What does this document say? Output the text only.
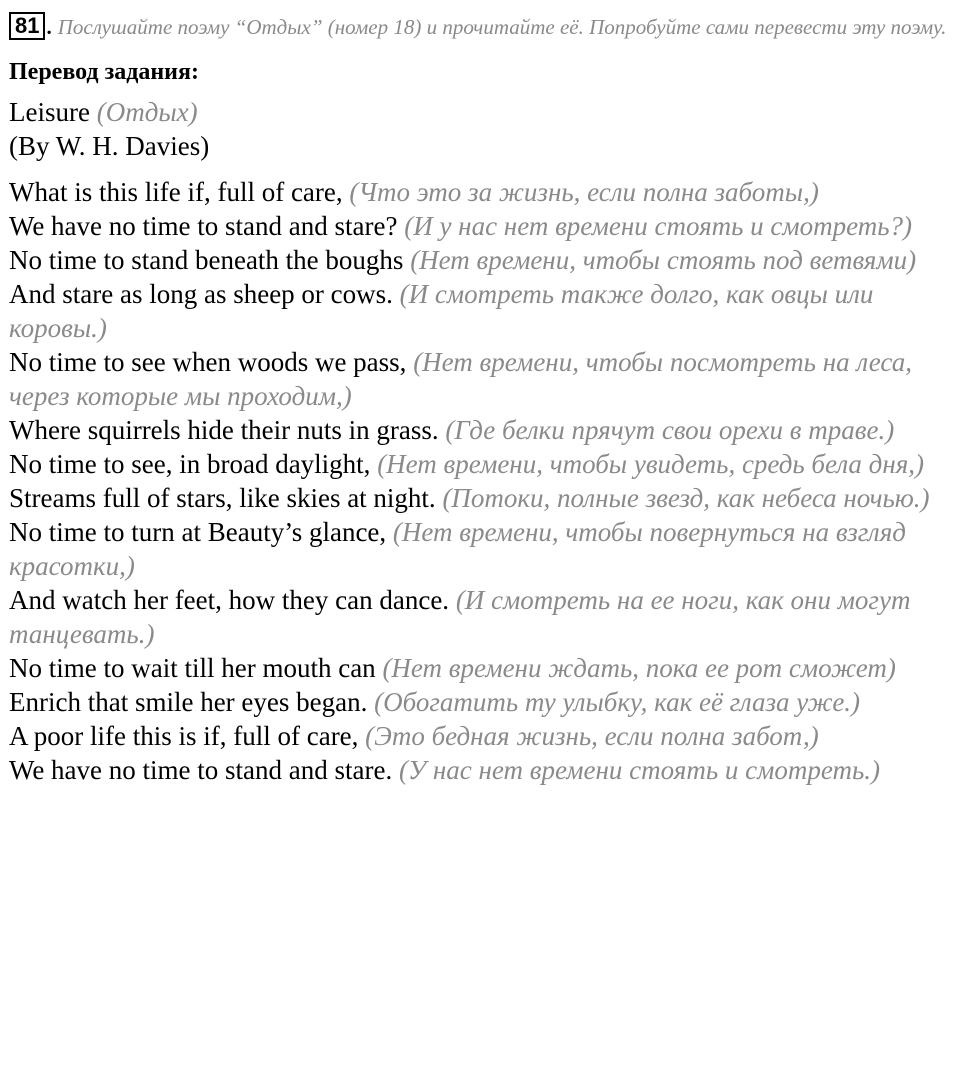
81 . Послушайте поэму “Отдых” (номер 18) и прочитайте её. Попробуйте сами перевести эту поэму.
Перевод задания:
Leisure (Отдых)
(By W. H. Davies)

What is this life if, full of care, (Что это за жизнь, если полна заботы,)

We have no time to stand and stare? (И у нас нет времени стоять и смотреть?)

No time to stand beneath the boughs (Нет времени, чтобы стоять под ветвями)

And stare as long as sheep or cows. (И смотреть также долго, как овцы или коровы.)

No time to see when woods we pass, (Нет времени, чтобы посмотреть на леса, через которые мы проходим,)

Where squirrels hide their nuts in grass. (Где белки прячут свои орехи в траве.)

No time to see, in broad daylight, (Нет времени, чтобы увидеть, средь бела дня,)

Streams full of stars, like skies at night. (Потоки, полные звезд, как небеса ночью.)

No time to turn at Beauty’s glance, (Нет времени, чтобы повернуться на взгляд красотки,)

And watch her feet, how they can dance. (И смотреть на ее ноги, как они могут танцевать.)

No time to wait till her mouth can (Нет времени ждать, пока ее рот сможет)

Enrich that smile her eyes began. (Обогатить ту улыбку, как её глаза уже.)

A poor life this is if, full of care, (Это бедная жизнь, если полна забот,)

We have no time to stand and stare. (У нас нет времени стоять и смотреть.)
